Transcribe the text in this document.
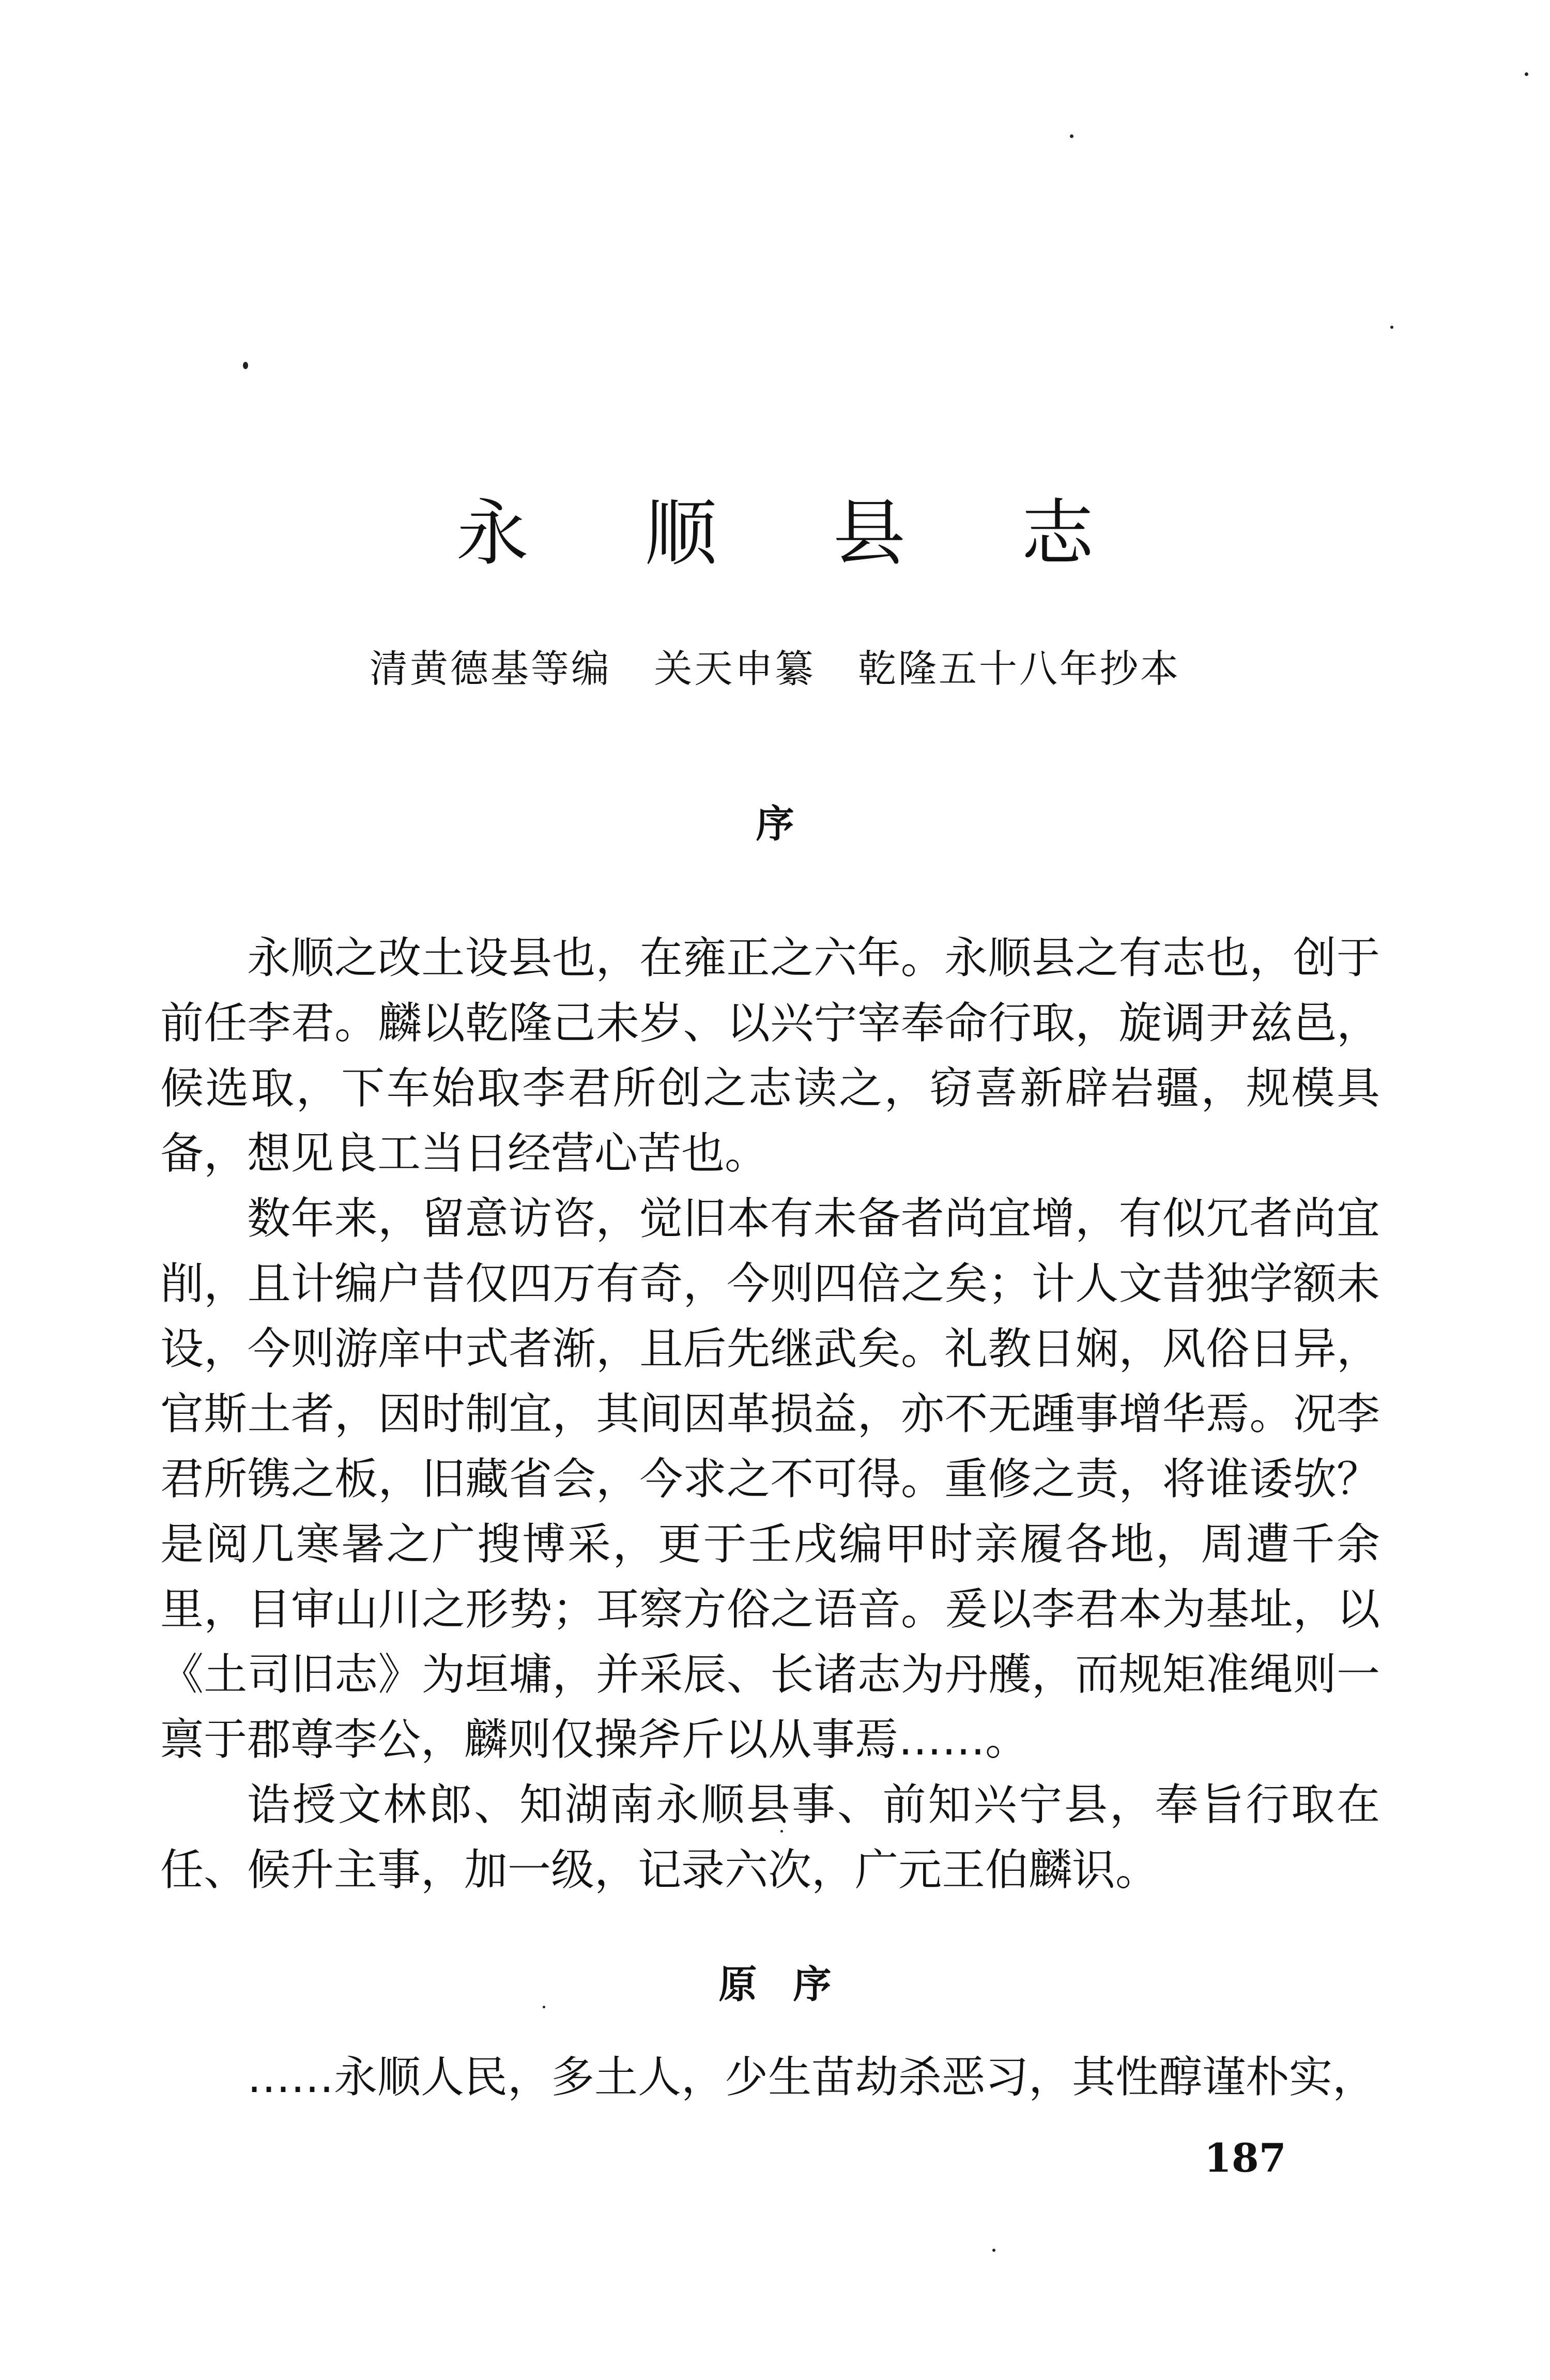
永 顺 县 志
清黄德基等编   关天申纂   乾隆五十八年抄本
序

永顺之改土设县也，在雍正之六年。永顺县之有志也，创于前任李君。麟以乾隆己未岁、以兴宁宰奉命行取，旋调尹兹邑，候选取，下车始取李君所创之志读之，窃喜新辟岩疆，规模具备，想见良工当日经营心苦也。

数年来，留意访咨，觉旧本有未备者尚宜增，有似冗者尚宜削，且计编户昔仅四万有奇，今则四倍之矣；计人文昔独学额未设，今则游庠中式者渐，且后先继武矣。礼教日娴，风俗日异，官斯土者，因时制宜，其间因革损益，亦不无踵事增华焉。况李君所镌之板，旧藏省会，今求之不可得。重修之责，将谁诿欤？是阅几寒暑之广搜博采，更于壬戌编甲时亲履各地，周遭千余里，目审山川之形势；耳察方俗之语音。爰以李君本为基址，以《土司旧志》为垣墉，并采辰、长诸志为丹雘，而规矩准绳则一禀于郡尊李公，麟则仅操斧斤以从事焉……。

诰授文林郎、知湖南永顺县事、前知兴宁县，奉旨行取在任、候升主事，加一级，记录六次，广元王伯麟识。

原序

……永顺人民，多土人，少生苗劫杀恶习，其性醇谨朴实，

187
